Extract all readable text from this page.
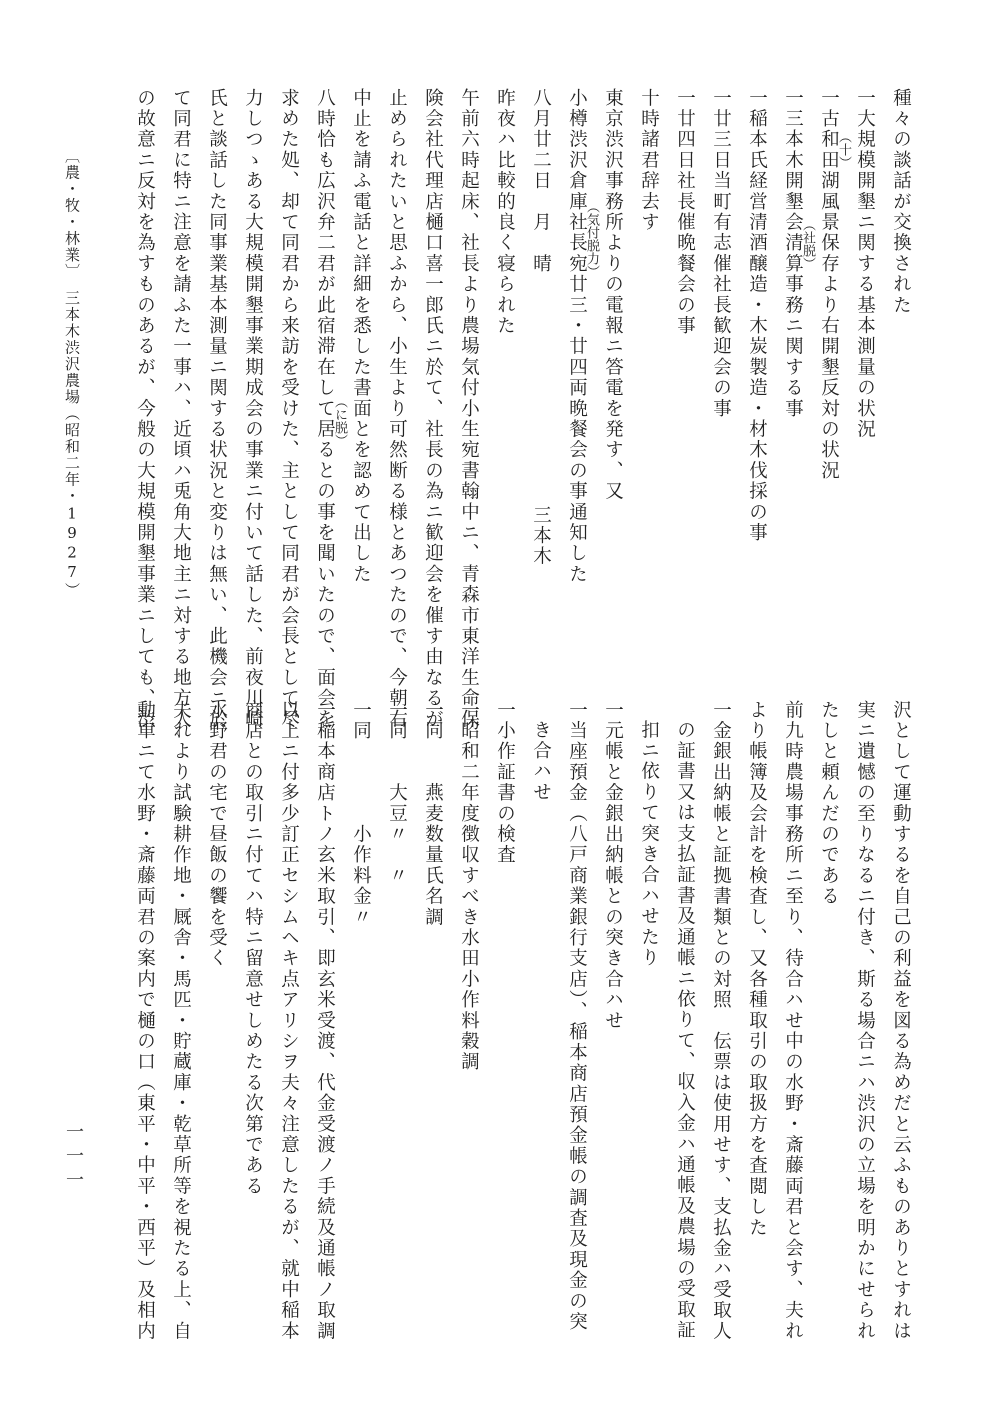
種々の談話が交換された
一大規模開墾ニ関する基本測量の状況
一古和田湖風景保存より右開墾反対の状況
一三本木開墾会清算事務ニ関する事
一稲本氏経営清酒醸造・木炭製造・材木伐採の事
一廿三日当町有志催社長歓迎会の事
一廿四日社長催晩餐会の事
十時諸君辞去す
東京渋沢事務所よりの電報ニ答電を発す、又
小樽渋沢倉庫社長宛廿三・廿四両晩餐会の事通知した
八月廿二日　月　晴
昨夜ハ比較的良く寝られた
午前六時起床、社長より農場気付小生宛書翰中ニ、青森市東洋生命保
険会社代理店樋口喜一郎氏ニ於て、社長の為ニ歓迎会を催す由なるが
止められたいと思ふから、小生より可然断る様とあつたので、今朝右
中止を請ふ電話と詳細を悉した書面とを認めて出した
八時恰も広沢弁二君が此宿滞在して居るとの事を聞いたので、面会を
求めた処、却て同君から来訪を受けた、主として同君が会長として尽
力しつゝある大規模開墾事業期成会の事業ニ付いて話した、前夜川崎
氏と談話した同事業基本測量ニ関する状況と変りは無い、此機会ニ於
て同君に特ニ注意を請ふた一事ハ、近頃ハ兎角大地主ニ対する地方人
の故意ニ反対を為すものあるが、今般の大規模開墾事業ニしても、渋	（十）
（社脱）
三本木
（気付脱力）
（に脱）
沢として運動するを自己の利益を図る為めだと云ふものありとすれは
実ニ遺憾の至りなるニ付き、斯る場合ニハ渋沢の立場を明かにせられ
たしと頼んだのである
前九時農場事務所ニ至り、待合ハせ中の水野・斎藤両君と会す、夫れ
より帳簿及会計を検査し、又各種取引の取扱方を査閲した
一金銀出納帳と証拠書類との対照　伝票は使用せす、支払金ハ受取人
の証書又は支払証書及通帳ニ依りて、収入金ハ通帳及農場の受取証
扣ニ依りて突き合ハせたり
一元帳と金銀出納帳との突き合ハせ
一当座預金（八戸商業銀行支店）、稲本商店預金帳の調査及現金の突
き合ハせ
一小作証書の検査
一昭和二年度徴収すべき水田小作料穀調
一同　　燕麦数量氏名調
一同　　大豆〃　〃
一同　　　　小作料金〃
一稲本商店トノ玄米取引、即玄米受渡、代金受渡ノ手続及通帳ノ取調
以上ニ付多少訂正セシムヘキ点アリシヲ夫々注意したるが、就中稲本
商店との取引ニ付てハ特ニ留意せしめたる次第である
水野君の宅で昼飯の饗を受く
夫れより試験耕作地・厩舎・馬匹・貯蔵庫・乾草所等を視たる上、自
動車ニて水野・斎藤両君の案内で樋の口（東平・中平・西平）及相内
〔農・牧・林業〕
三本木渋沢農場（昭和二年・1927）
一一一
